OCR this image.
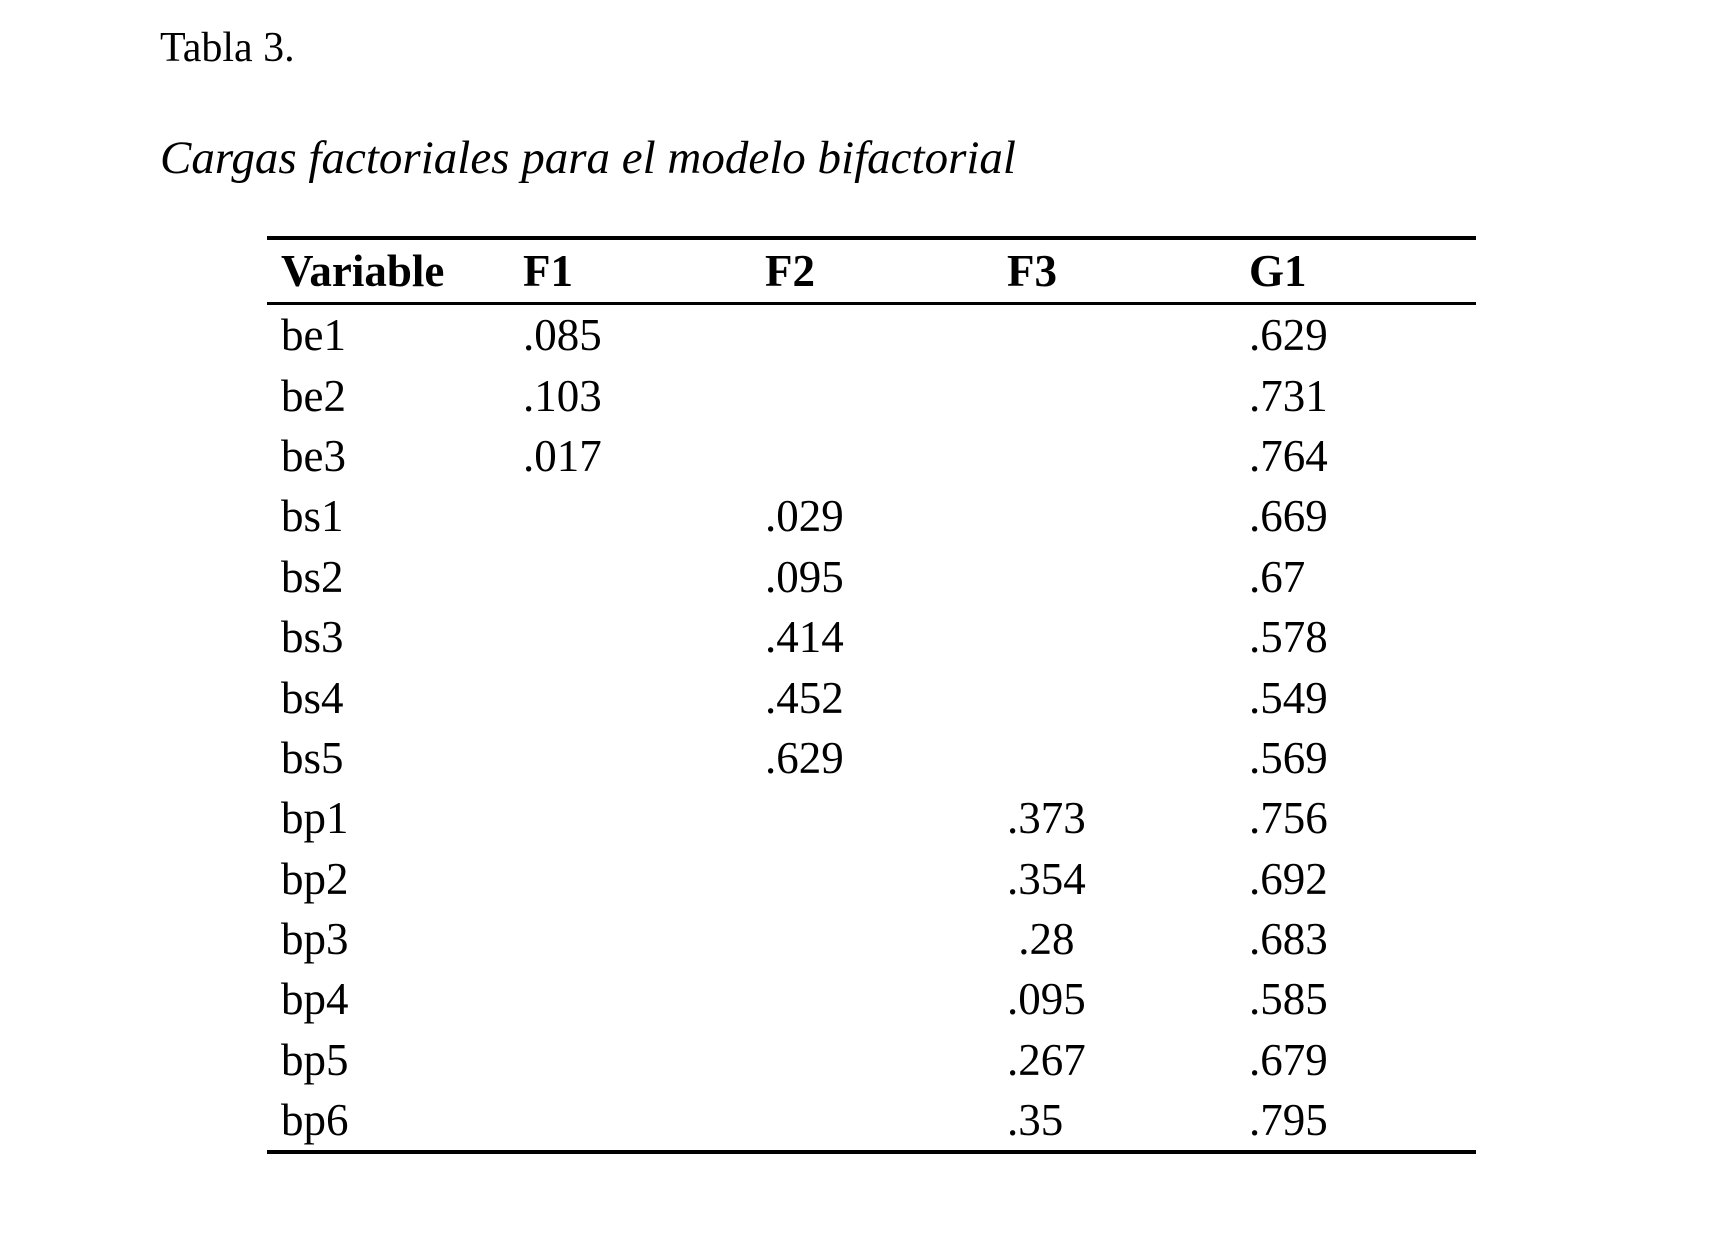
Tabla 3.

Cargas factoriales para el modelo bifactorial

Variable	F1	F2	F3	G1
be1	.085			.629
be2	.103			.731
be3	.017			.764
bs1		.029		.669
bs2		.095		.67
bs3		.414		.578
bs4		.452		.549
bs5		.629		.569
bp1			.373	.756
bp2			.354	.692
bp3			.28	.683
bp4			.095	.585
bp5			.267	.679
bp6			.35	.795
